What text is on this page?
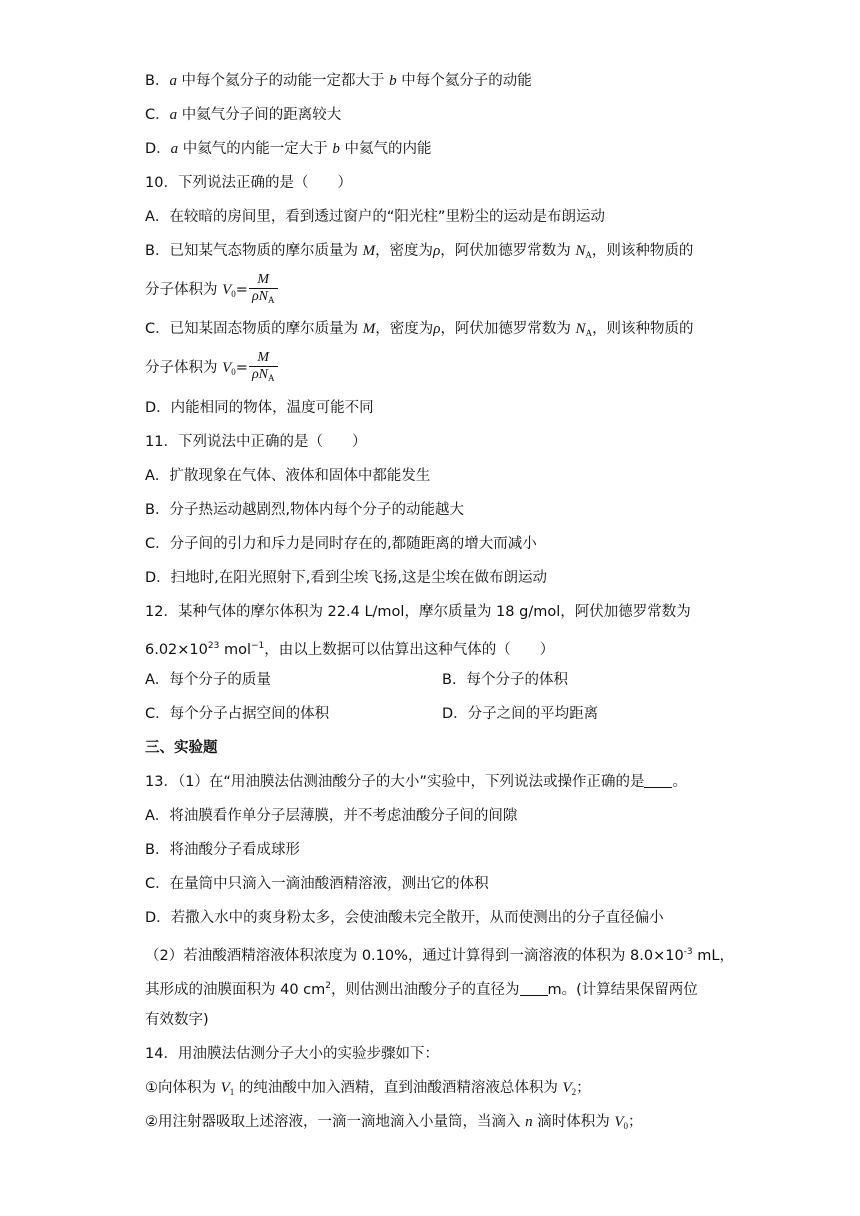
B．a 中每个氦分子的动能一定都大于 b 中每个氦分子的动能
C．a 中氦气分子间的距离较大
D．a 中氦气的内能一定大于 b 中氦气的内能
10．下列说法正确的是（　　）
A．在较暗的房间里，看到透过窗户的“阳光柱”里粉尘的运动是布朗运动
B．已知某气态物质的摩尔质量为 M，密度为ρ，阿伏加德罗常数为 $N_A$，则该种物质的
分子体积为 $V_0= \frac{M}{\rho N_A}$
C．已知某固态物质的摩尔质量为 M，密度为ρ，阿伏加德罗常数为 $N_A$，则该种物质的
分子体积为 $V_0= \frac{M}{\rho N_A}$
D．内能相同的物体，温度可能不同
11．下列说法中正确的是（　　）
A．扩散现象在气体、液体和固体中都能发生
B．分子热运动越剧烈,物体内每个分子的动能越大
C．分子间的引力和斥力是同时存在的,都随距离的增大而减小
D．扫地时,在阳光照射下,看到尘埃飞扬,这是尘埃在做布朗运动
12．某种气体的摩尔体积为 22.4 L/mol，摩尔质量为 18 g/mol，阿伏加德罗常数为
$6.02\times 10^{23}$ mol$^{-1}$，由以上数据可以估算出这种气体的（　　）
A．每个分子的质量	B．每个分子的体积
C．每个分子占据空间的体积	D．分子之间的平均距离
三、实验题
13．（1）在“用油膜法估测油酸分子的大小”实验中，下列说法或操作正确的是 。
A．将油膜看作单分子层薄膜，并不考虑油酸分子间的间隙
B．将油酸分子看成球形
C．在量筒中只滴入一滴油酸酒精溶液，测出它的体积
D．若撒入水中的爽身粉太多，会使油酸未完全散开，从而使测出的分子直径偏小
（2）若油酸酒精溶液体积浓度为 0.10%，通过计算得到一滴溶液的体积为 $8.0\times 10^{-3}$ mL，
其形成的油膜面积为 40 $cm^2$，则估测出油酸分子的直径为 m。(计算结果保留两位
有效数字)
14．用油膜法估测分子大小的实验步骤如下：
①向体积为 $V_1$ 的纯油酸中加入酒精，直到油酸酒精溶液总体积为 $V_2$；
②用注射器吸取上述溶液，一滴一滴地滴入小量筒，当滴入 n 滴时体积为 $V_0$；
